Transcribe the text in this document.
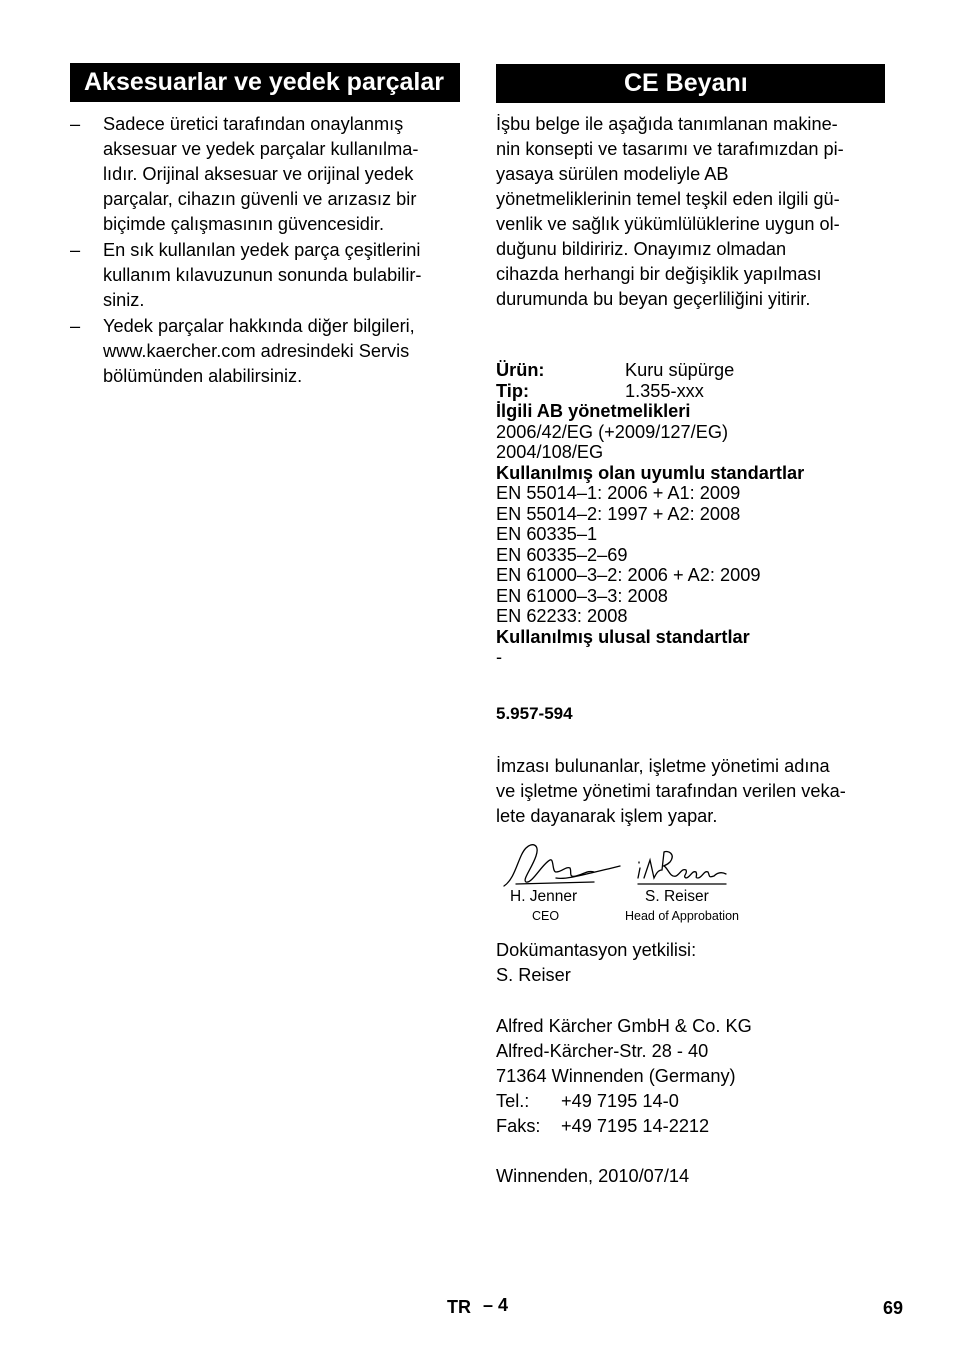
Aksesuarlar ve yedek parçalar
– Sadece üretici tarafından onaylanmış
aksesuar ve yedek parçalar kullanılma-
lıdır. Orijinal aksesuar ve orijinal yedek
parçalar, cihazın güvenli ve arızasız bir
biçimde çalışmasının güvencesidir.
– En sık kullanılan yedek parça çeşitlerini
kullanım kılavuzunun sonunda bulabilir-
siniz.
– Yedek parçalar hakkında diğer bilgileri,
www.kaercher.com adresindeki Servis
bölümünden alabilirsiniz.
CE Beyanı
İşbu belge ile aşağıda tanımlanan makine-
nin konsepti ve tasarımı ve tarafımızdan pi-
yasaya sürülen modeliyle AB
yönetmeliklerinin temel teşkil eden ilgili gü-
venlik ve sağlık yükümlülüklerine uygun ol-
duğunu bildiririz. Onayımız olmadan
cihazda herhangi bir değişiklik yapılması
durumunda bu beyan geçerliliğini yitirir.
Ürün:	Kuru süpürge
Tip:	1.355-xxx
İlgili AB yönetmelikleri
2006/42/EG (+2009/127/EG)
2004/108/EG
Kullanılmış olan uyumlu standartlar
EN 55014–1: 2006 + A1: 2009
EN 55014–2: 1997 + A2: 2008
EN 60335–1
EN 60335–2–69
EN 61000–3–2: 2006 + A2: 2009
EN 61000–3–3: 2008
EN 62233: 2008
Kullanılmış ulusal standartlar
-
5.957-594
İmzası bulunanlar, işletme yönetimi adına
ve işletme yönetimi tarafından verilen veka-
lete dayanarak işlem yapar.
H. Jenner
CEO
S. Reiser
Head of Approbation
Dokümantasyon yetkilisi:
S. Reiser
Alfred Kärcher GmbH & Co. KG
Alfred-Kärcher-Str. 28 - 40
71364 Winnenden (Germany)
Tel.:	+49 7195 14-0
Faks:	+49 7195 14-2212
Winnenden, 2010/07/14
TR – 4	69
